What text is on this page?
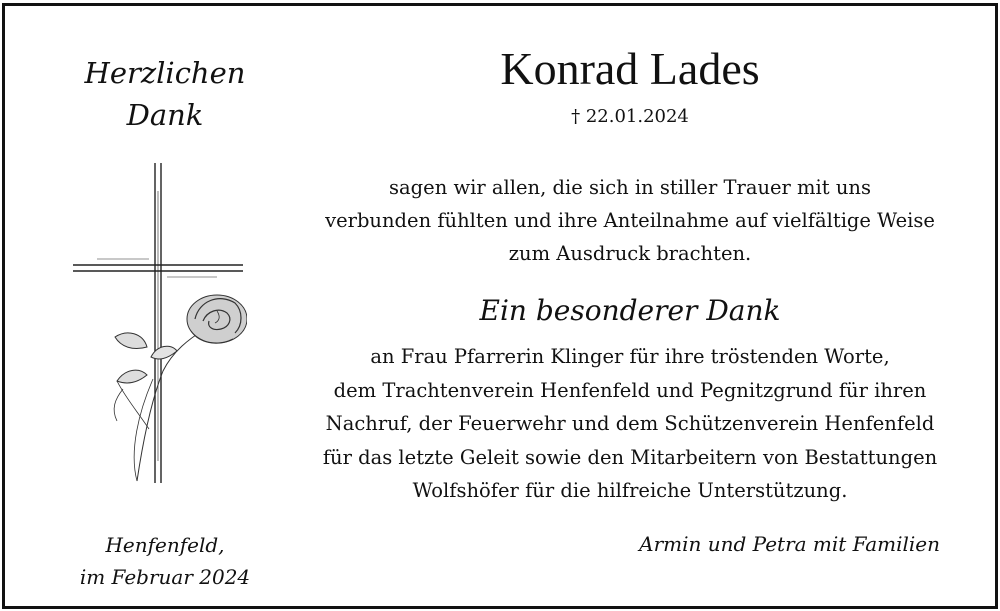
Herzlichen
Dank
Konrad Lades
† 22.01.2024
sagen wir allen, die sich in stiller Trauer mit uns
verbunden fühlten und ihre Anteilnahme auf vielfältige Weise
zum Ausdruck brachten.
Ein besonderer Dank
an Frau Pfarrerin Klinger für ihre tröstenden Worte,
dem Trachtenverein Henfenfeld und Pegnitzgrund für ihren
Nachruf, der Feuerwehr und dem Schützenverein Henfenfeld
für das letzte Geleit sowie den Mitarbeitern von Bestattungen
Wolfshöfer für die hilfreiche Unterstützung.
Henfenfeld,
im Februar 2024
Armin und Petra mit Familien
